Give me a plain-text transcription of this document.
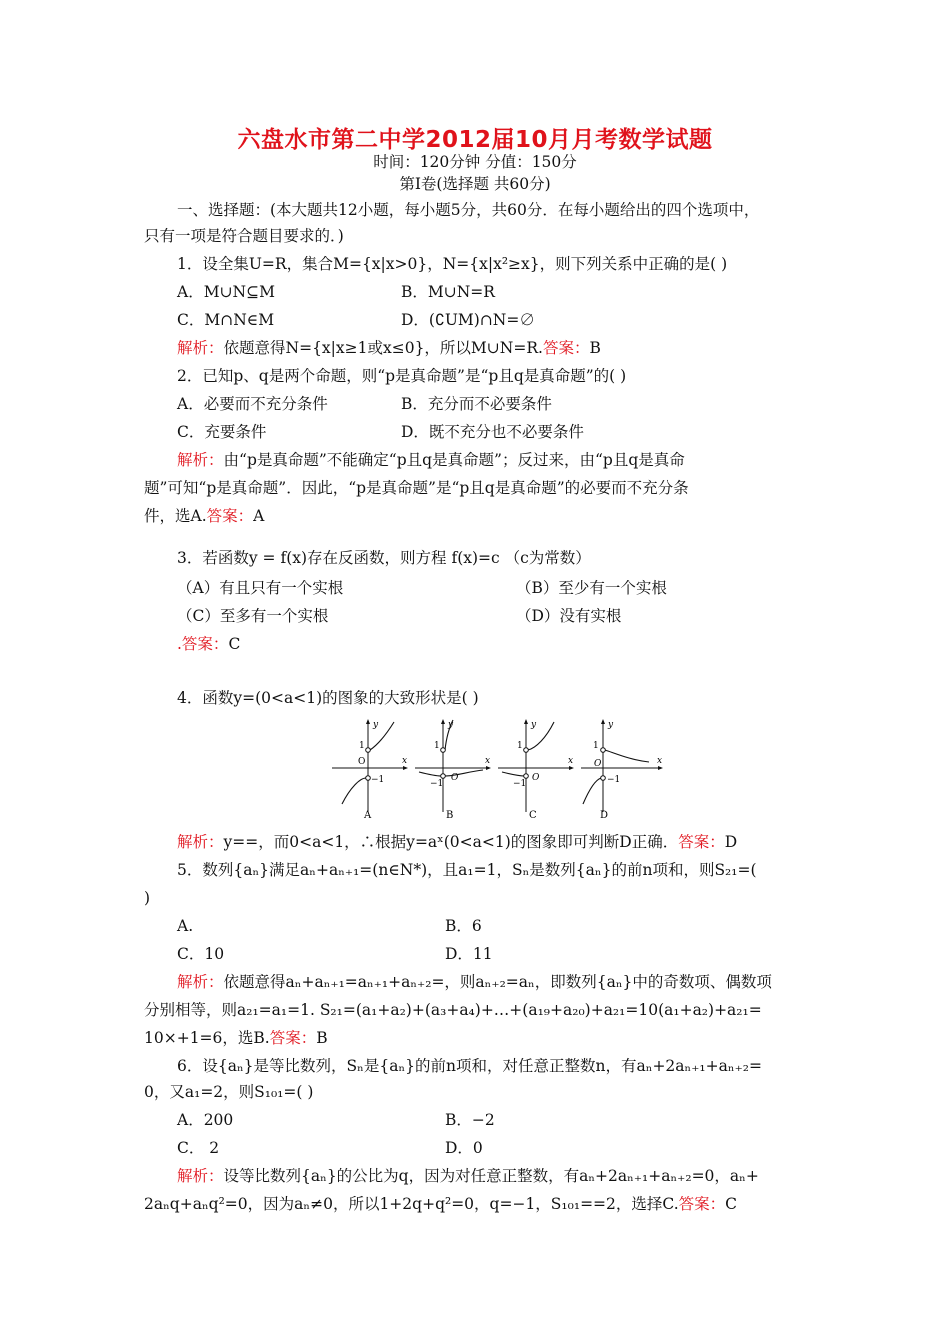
六盘水市第二中学2012届10月月考数学试题
时间：120分钟 分值：150分
第Ⅰ卷(选择题 共60分)
一、选择题：(本大题共12小题，每小题5分，共60分．在每小题给出的四个选项中，
只有一项是符合题目要求的．)
1．设全集U=R，集合M={x|x>0}，N={x|x²≥x}，则下列关系中正确的是( )
A．M∪N⊆M	B．M∪N=R
C．M∩N∈M	D．(∁UM)∩N=∅
解析：依题意得N={x|x≥1或x≤0}，所以M∪N=R.答案：B
2．已知p、q是两个命题，则“p是真命题”是“p且q是真命题”的( )
A．必要而不充分条件	B．充分而不必要条件
C．充要条件	D．既不充分也不必要条件
解析：由“p是真命题”不能确定“p且q是真命题”；反过来，由“p且q是真命
题”可知“p是真命题”．因此，“p是真命题”是“p且q是真命题”的必要而不充分条
件，选A.答案：A
3．若函数y = f(x)存在反函数，则方程 f(x)=c （c为常数）
（A）有且只有一个实根	（B）至少有一个实根
（C）至多有一个实根	（D）没有实根
.答案：C
4．函数y=(0<a<1)的图象的大致形状是( )
y
x
1
O
−1
A
y
x
1
O
−1
B
y
x
1
O
−1
C
y
x
1
O
−1
D
解析：y==，而0<a<1，∴根据y=aˣ(0<a<1)的图象即可判断D正确．答案：D
5．数列{aₙ}满足aₙ+aₙ₊₁=(n∈N*)，且a₁=1，Sₙ是数列{aₙ}的前n项和，则S₂₁=(
)
A.	B．6
C．10	D．11
解析：依题意得aₙ+aₙ₊₁=aₙ₊₁+aₙ₊₂=，则aₙ₊₂=aₙ，即数列{aₙ}中的奇数项、偶数项
分别相等，则a₂₁=a₁=1. S₂₁=(a₁+a₂)+(a₃+a₄)+…+(a₁₉+a₂₀)+a₂₁=10(a₁+a₂)+a₂₁=
10×+1=6，选B.答案：B
6．设{aₙ}是等比数列，Sₙ是{aₙ}的前n项和，对任意正整数n，有aₙ+2aₙ₊₁+aₙ₊₂=
0，又a₁=2，则S₁₀₁=( )
A．200	B．−2
C． 2	D．0
解析：设等比数列{aₙ}的公比为q，因为对任意正整数，有aₙ+2aₙ₊₁+aₙ₊₂=0，aₙ+
2aₙq+aₙq²=0，因为aₙ≠0，所以1+2q+q²=0，q=−1，S₁₀₁==2，选择C.答案：C
